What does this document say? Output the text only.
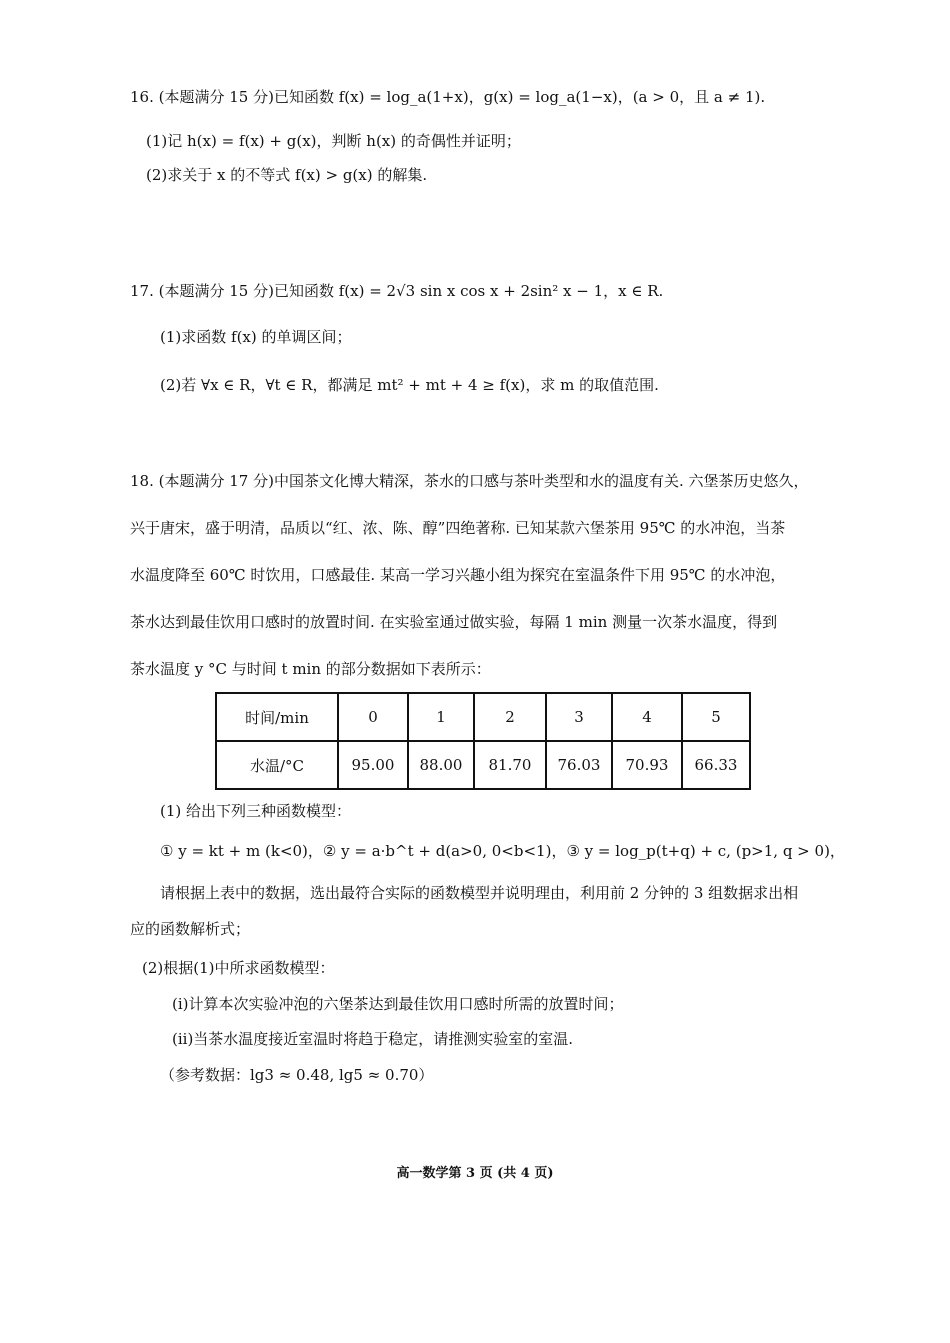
16. (本题满分 15 分)已知函数 f(x) = log_a(1+x)，g(x) = log_a(1−x)，(a > 0，且 a ≠ 1).
(1)记 h(x) = f(x) + g(x)，判断 h(x) 的奇偶性并证明；
(2)求关于 x 的不等式 f(x) > g(x) 的解集.
17. (本题满分 15 分)已知函数 f(x) = 2√3 sin x cos x + 2sin² x − 1，x ∈ R.
(1)求函数 f(x) 的单调区间；
(2)若 ∀x ∈ R，∀t ∈ R，都满足 mt² + mt + 4 ≥ f(x)，求 m 的取值范围.
18. (本题满分 17 分)中国茶文化博大精深，茶水的口感与茶叶类型和水的温度有关. 六堡茶历史悠久，
兴于唐宋，盛于明清，品质以“红、浓、陈、醇”四绝著称. 已知某款六堡茶用 95℃ 的水冲泡，当茶
水温度降至 60℃ 时饮用，口感最佳. 某高一学习兴趣小组为探究在室温条件下用 95℃ 的水冲泡，
茶水达到最佳饮用口感时的放置时间. 在实验室通过做实验，每隔 1 min 测量一次茶水温度，得到
茶水温度 y °C 与时间 t min 的部分数据如下表所示：
时间/min	0	1	2	3	4	5
水温/°C	95.00	88.00	81.70	76.03	70.93	66.33
(1) 给出下列三种函数模型：
① y = kt + m (k<0)，② y = a·b^t + d(a>0, 0<b<1)，③ y = log_p(t+q) + c, (p>1, q > 0)，
请根据上表中的数据，选出最符合实际的函数模型并说明理由，利用前 2 分钟的 3 组数据求出相
应的函数解析式；
(2)根据(1)中所求函数模型：
(i)计算本次实验冲泡的六堡茶达到最佳饮用口感时所需的放置时间；
(ii)当茶水温度接近室温时将趋于稳定，请推测实验室的室温.
（参考数据：lg3 ≈ 0.48, lg5 ≈ 0.70）
高一数学第 3 页 (共 4 页)
